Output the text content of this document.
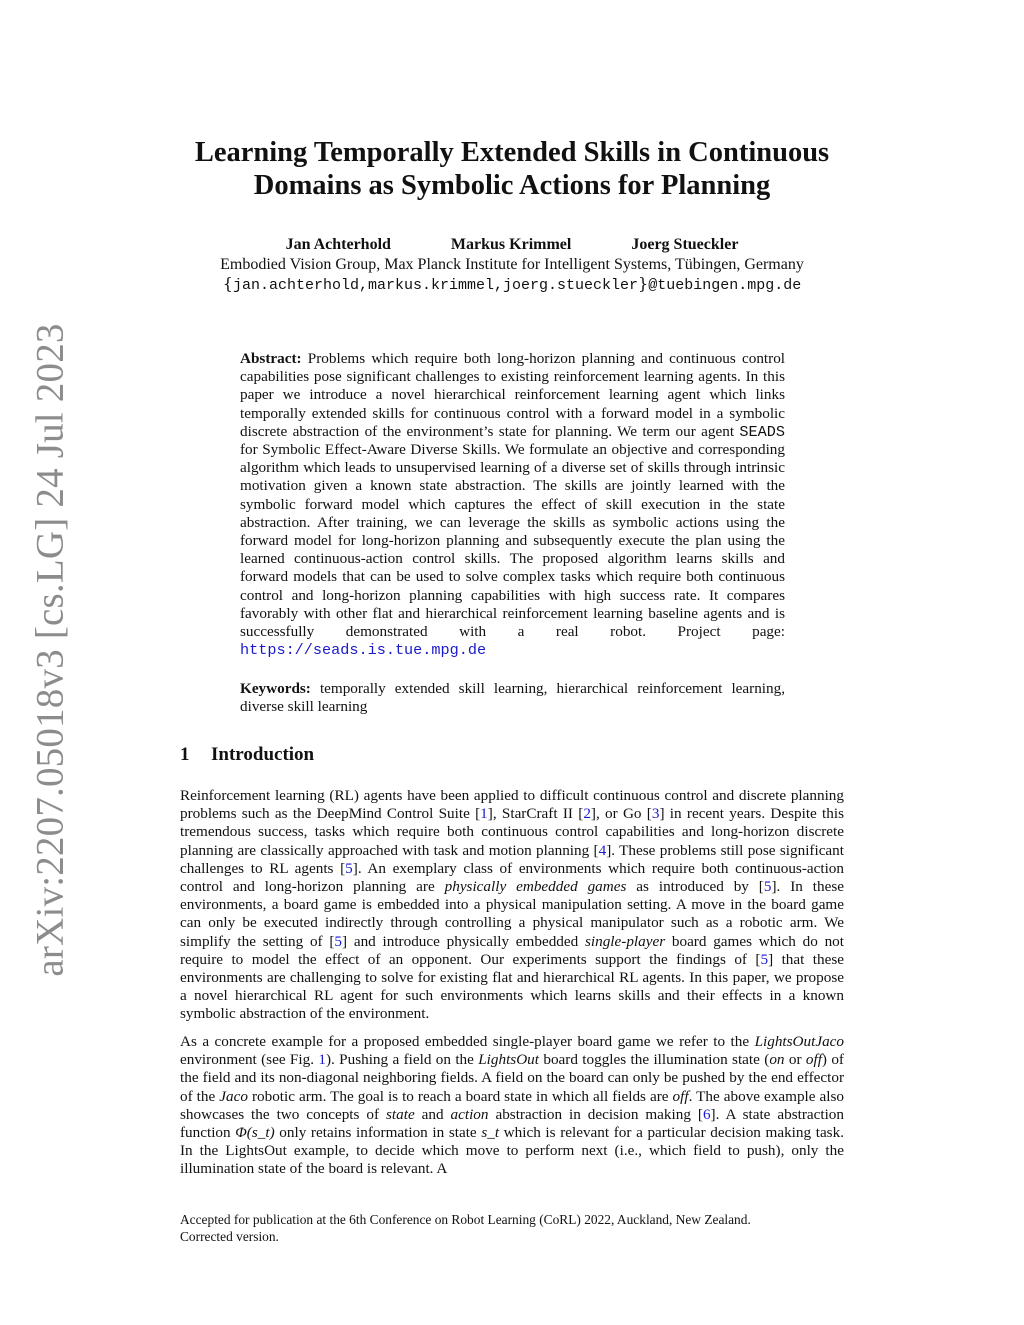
arXiv:2207.05018v3 [cs.LG] 24 Jul 2023
Learning Temporally Extended Skills in Continuous Domains as Symbolic Actions for Planning
Jan Achterhold	Markus Krimmel	Joerg Stueckler
Embodied Vision Group, Max Planck Institute for Intelligent Systems, Tübingen, Germany
{jan.achterhold,markus.krimmel,joerg.stueckler}@tuebingen.mpg.de

Abstract: Problems which require both long-horizon planning and continuous control capabilities pose significant challenges to existing reinforcement learning agents. In this paper we introduce a novel hierarchical reinforcement learning agent which links temporally extended skills for continuous control with a forward model in a symbolic discrete abstraction of the environment’s state for planning. We term our agent SEADS for Symbolic Effect-Aware Diverse Skills. We formulate an objective and corresponding algorithm which leads to unsupervised learning of a diverse set of skills through intrinsic motivation given a known state abstraction. The skills are jointly learned with the symbolic forward model which captures the effect of skill execution in the state abstraction. After training, we can leverage the skills as symbolic actions using the forward model for long-horizon planning and subsequently execute the plan using the learned continuous-action control skills. The proposed algorithm learns skills and forward models that can be used to solve complex tasks which require both continuous control and long-horizon planning capabilities with high success rate. It compares favorably with other flat and hierarchical reinforcement learning baseline agents and is successfully demonstrated with a real robot. Project page: https://seads.is.tue.mpg.de

Keywords: temporally extended skill learning, hierarchical reinforcement learning, diverse skill learning

1 Introduction

Reinforcement learning (RL) agents have been applied to difficult continuous control and discrete planning problems such as the DeepMind Control Suite [1], StarCraft II [2], or Go [3] in recent years. Despite this tremendous success, tasks which require both continuous control capabilities and long-horizon discrete planning are classically approached with task and motion planning [4]. These problems still pose significant challenges to RL agents [5]. An exemplary class of environments which require both continuous-action control and long-horizon planning are physically embedded games as introduced by [5]. In these environments, a board game is embedded into a physical manipulation setting. A move in the board game can only be executed indirectly through controlling a physical manipulator such as a robotic arm. We simplify the setting of [5] and introduce physically embedded single-player board games which do not require to model the effect of an opponent. Our experiments support the findings of [5] that these environments are challenging to solve for existing flat and hierarchical RL agents. In this paper, we propose a novel hierarchical RL agent for such environments which learns skills and their effects in a known symbolic abstraction of the environment.

As a concrete example for a proposed embedded single-player board game we refer to the LightsOutJaco environment (see Fig. 1). Pushing a field on the LightsOut board toggles the illumination state (on or off) of the field and its non-diagonal neighboring fields. A field on the board can only be pushed by the end effector of the Jaco robotic arm. The goal is to reach a board state in which all fields are off. The above example also showcases the two concepts of state and action abstraction in decision making [6]. A state abstraction function Φ(s_t) only retains information in state s_t which is relevant for a particular decision making task. In the LightsOut example, to decide which move to perform next (i.e., which field to push), only the illumination state of the board is relevant. A

Accepted for publication at the 6th Conference on Robot Learning (CoRL) 2022, Auckland, New Zealand.
Corrected version.
